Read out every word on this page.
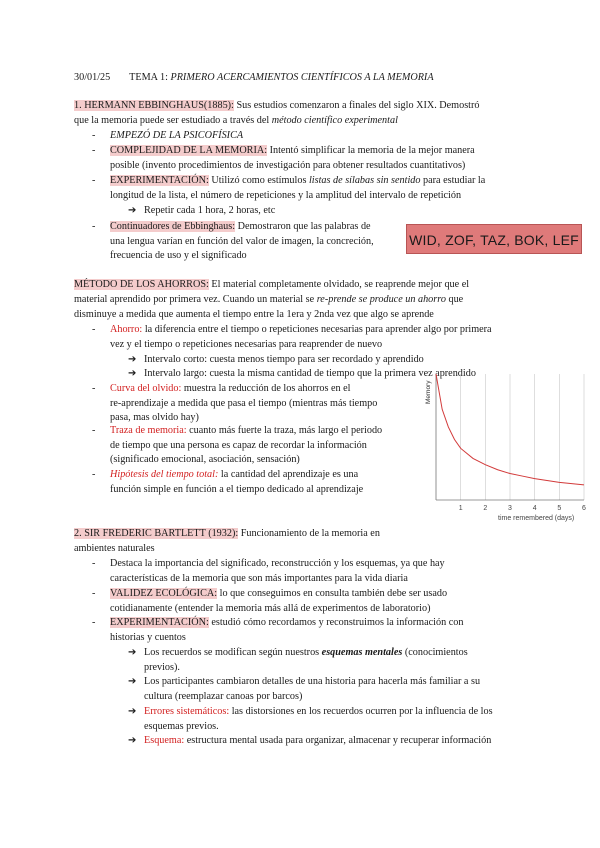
30/01/25 TEMA 1: PRIMERO ACERCAMIENTOS CIENTÍFICOS A LA MEMORIA
1. HERMANN EBBINGHAUS(1885): Sus estudios comenzaron a finales del siglo XIX. Demostró
que la memoria puede ser estudiado a través del método científico experimental
- EMPEZÓ DE LA PSICOFÍSICA
- COMPLEJIDAD DE LA MEMORIA: Intentó simplificar la memoria de la mejor manera
posible (invento procedimientos de investigación para obtener resultados cuantitativos)
- EXPERIMENTACIÓN: Utilizó como estímulos listas de sílabas sin sentido para estudiar la
longitud de la lista, el número de repeticiones y la amplitud del intervalo de repetición
➔ Repetir cada 1 hora, 2 horas, etc
- Continuadores de Ebbinghaus: Demostraron que las palabras de
una lengua varían en función del valor de imagen, la concreción,
frecuencia de uso y el significado
WID, ZOF, TAZ, BOK, LEF
MÉTODO DE LOS AHORROS: El material completamente olvidado, se reaprende mejor que el
material aprendido por primera vez. Cuando un material se re-prende se produce un ahorro que
disminuye a medida que aumenta el tiempo entre la 1era y 2nda vez que algo se aprende
- Ahorro: la diferencia entre el tiempo o repeticiones necesarias para aprender algo por primera
vez y el tiempo o repeticiones necesarias para reaprender de nuevo
➔ Intervalo corto: cuesta menos tiempo para ser recordado y aprendido
➔ Intervalo largo: cuesta la misma cantidad de tiempo que la primera vez aprendido
- Curva del olvido: muestra la reducción de los ahorros en el
re-aprendizaje a medida que pasa el tiempo (mientras más tiempo
pasa, mas olvido hay)
- Traza de memoria: cuanto más fuerte la traza, más largo el periodo
de tiempo que una persona es capaz de recordar la información
(significado emocional, asociación, sensación)
- Hipótesis del tiempo total: la cantidad del aprendizaje es una
función simple en función a el tiempo dedicado al aprendizaje
1	2	3	4	5	6
Memory
time remembered (days)
2. SIR FREDERIC BARTLETT (1932): Funcionamiento de la memoria en
ambientes naturales
- Destaca la importancia del significado, reconstrucción y los esquemas, ya que hay
características de la memoria que son más importantes para la vida diaria
- VALIDEZ ECOLÓGICA: lo que conseguimos en consulta también debe ser usado
cotidianamente (entender la memoria más allá de experimentos de laboratorio)
- EXPERIMENTACIÓN: estudió cómo recordamos y reconstruimos la información con
historias y cuentos
➔ Los recuerdos se modifican según nuestros esquemas mentales (conocimientos
previos).
➔ Los participantes cambiaron detalles de una historia para hacerla más familiar a su
cultura (reemplazar canoas por barcos)
➔ Errores sistemáticos: las distorsiones en los recuerdos ocurren por la influencia de los
esquemas previos.
➔ Esquema: estructura mental usada para organizar, almacenar y recuperar información
